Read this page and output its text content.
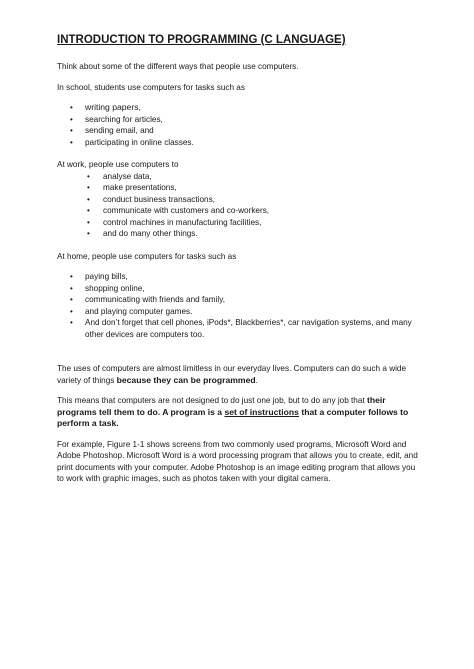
INTRODUCTION TO PROGRAMMING (C LANGUAGE)

Think about some of the different ways that people use computers.

In school, students use computers for tasks such as

• writing papers,
• searching for articles,
• sending email, and
• participating in online classes.

At work, people use computers to

• analyse data,
• make presentations,
• conduct business transactions,
• communicate with customers and co-workers,
• control machines in manufacturing facilities,
• and do many other things.

At home, people use computers for tasks such as

• paying bills,
• shopping online,
• communicating with friends and family,
• and playing computer games.
• And don’t forget that cell phones, iPods*, Blackberries*, car navigation systems, and many other devices are computers too.

The uses of computers are almost limitless in our everyday lives. Computers can do such a wide variety of things because they can be programmed.

This means that computers are not designed to do just one job, but to do any job that their programs tell them to do. A program is a set of instructions that a computer follows to perform a task.

For example, Figure 1-1 shows screens from two commonly used programs, Microsoft Word and Adobe Photoshop. Microsoft Word is a word processing program that allows you to create, edit, and print documents with your computer. Adobe Photoshop is an image editing program that allows you to work with graphic images, such as photos taken with your digital camera.
